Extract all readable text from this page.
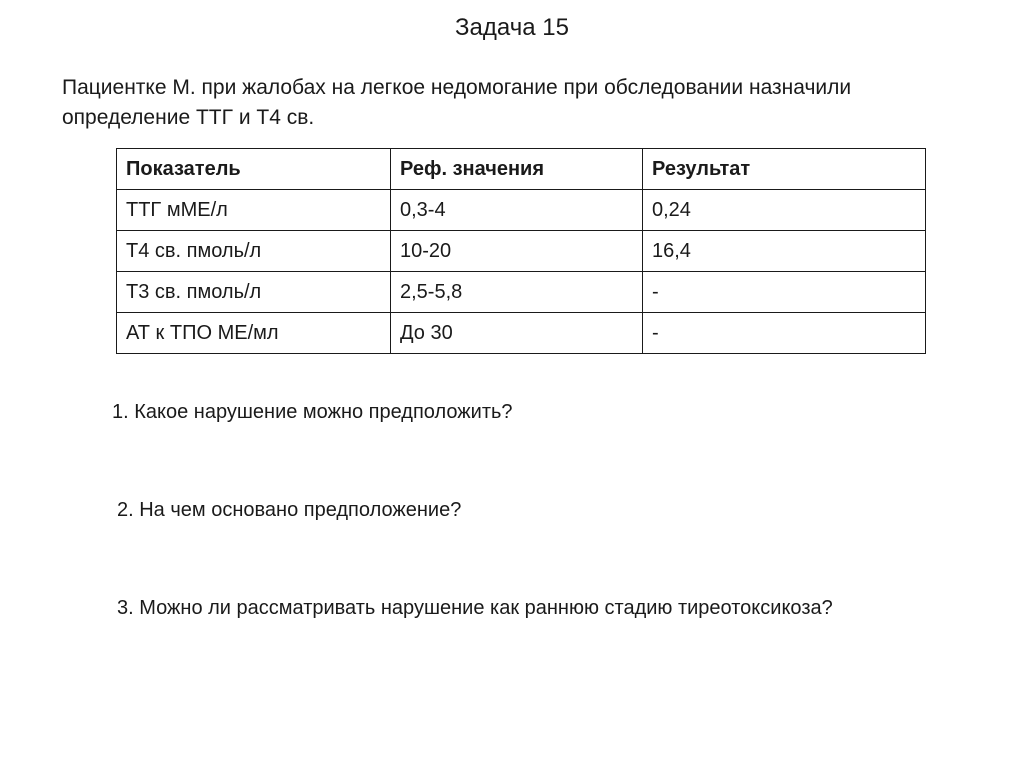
Задача 15
Пациентке М. при жалобах на легкое недомогание при обследовании назначили
определение ТТГ и Т4 св.
Показатель	Реф. значения	Результат
ТТГ мМЕ/л	0,3-4	0,24
Т4 св. пмоль/л	10-20	16,4
Т3 св. пмоль/л	2,5-5,8	-
АТ к ТПО МЕ/мл	До 30	-
1. Какое нарушение можно предположить?
2. На чем основано предположение?
3. Можно ли рассматривать нарушение как раннюю стадию тиреотоксикоза?
